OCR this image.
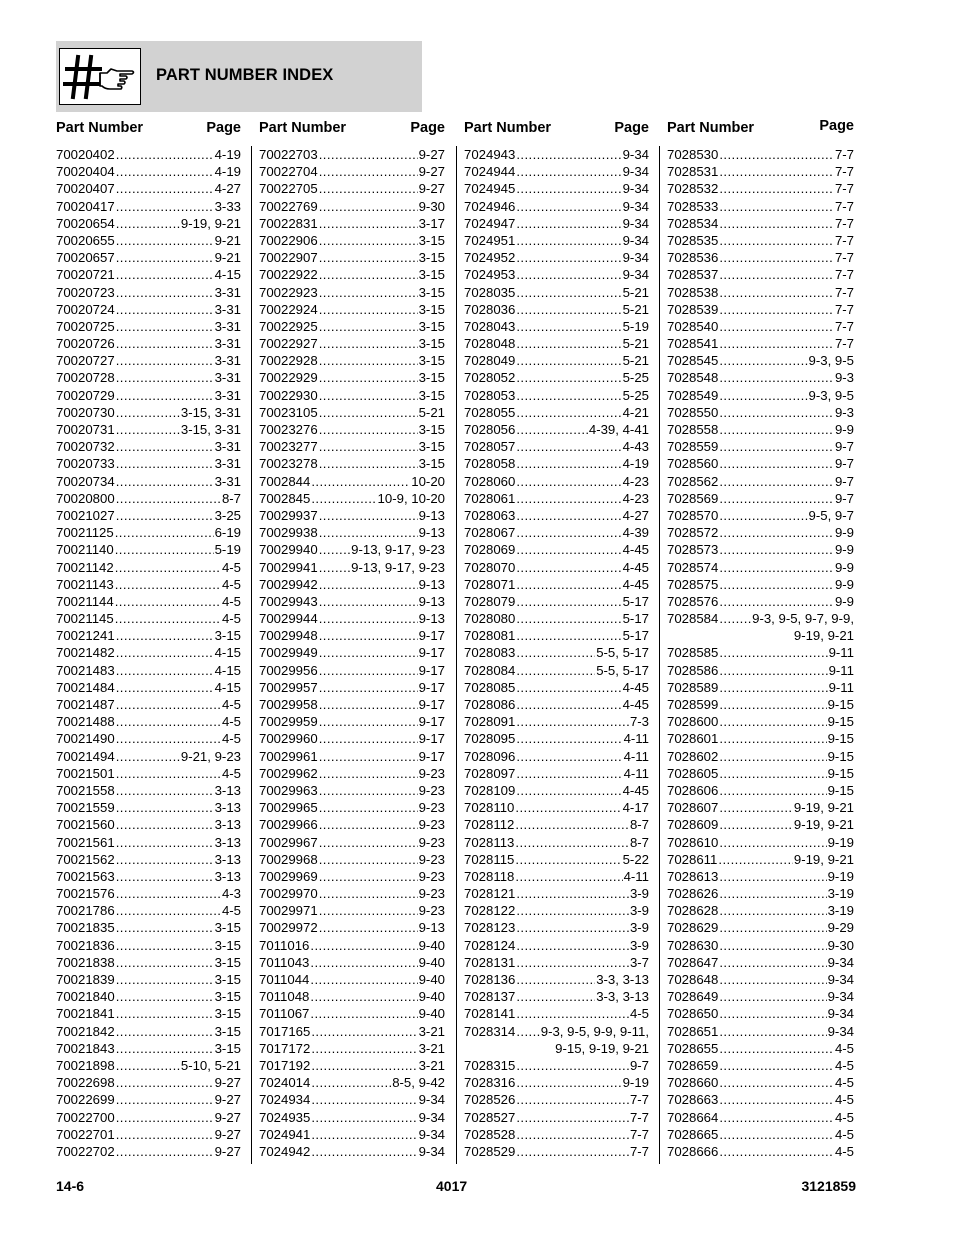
PART NUMBER INDEX
Part Number	Page
70020402 .....	4-19
70020404 .....	4-19
70020407 .....	4-27
70020417 .....	3-33
70020654 .....	9-19, 9-21
70020655 .....	9-21
70020657 .....	9-21
70020721 .....	4-15
70020723 .....	3-31
70020724 .....	3-31
70020725 .....	3-31
70020726 .....	3-31
70020727 .....	3-31
70020728 .....	3-31
70020729 .....	3-31
70020730 .....	3-15, 3-31
70020731 .....	3-15, 3-31
70020732 .....	3-31
70020733 .....	3-31
70020734 .....	3-31
70020800 .....	8-7
70021027 .....	3-25
70021125 .....	6-19
70021140 .....	5-19
70021142 .....	4-5
70021143 .....	4-5
70021144 .....	4-5
70021145 .....	4-5
70021241 .....	3-15
70021482 .....	4-15
70021483 .....	4-15
70021484 .....	4-15
70021487 .....	4-5
70021488 .....	4-5
70021490 .....	4-5
70021494 .....	9-21, 9-23
70021501 .....	4-5
70021558 .....	3-13
70021559 .....	3-13
70021560 .....	3-13
70021561 .....	3-13
70021562 .....	3-13
70021563 .....	3-13
70021576 .....	4-3
70021786 .....	4-5
70021835 .....	3-15
70021836 .....	3-15
70021838 .....	3-15
70021839 .....	3-15
70021840 .....	3-15
70021841 .....	3-15
70021842 .....	3-15
70021843 .....	3-15
70021898 .....	5-10, 5-21
70022698 .....	9-27
70022699 .....	9-27
70022700 .....	9-27
70022701 .....	9-27
70022702 .....	9-27
Part Number	Page
70022703 .....	9-27
70022704 .....	9-27
70022705 .....	9-27
70022769 .....	9-30
70022831 .....	3-17
70022906 .....	3-15
70022907 .....	3-15
70022922 .....	3-15
70022923 .....	3-15
70022924 .....	3-15
70022925 .....	3-15
70022927 .....	3-15
70022928 .....	3-15
70022929 .....	3-15
70022930 .....	3-15
70023105 .....	5-21
70023276 .....	3-15
70023277 .....	3-15
70023278 .....	3-15
7002844 .....	10-20
7002845 .....	10-9, 10-20
70029937 .....	9-13
70029938 .....	9-13
70029940 .....	9-13, 9-17, 9-23
70029941 .....	9-13, 9-17, 9-23
70029942 .....	9-13
70029943 .....	9-13
70029944 .....	9-13
70029948 .....	9-17
70029949 .....	9-17
70029956 .....	9-17
70029957 .....	9-17
70029958 .....	9-17
70029959 .....	9-17
70029960 .....	9-17
70029961 .....	9-17
70029962 .....	9-23
70029963 .....	9-23
70029965 .....	9-23
70029966 .....	9-23
70029967 .....	9-23
70029968 .....	9-23
70029969 .....	9-23
70029970 .....	9-23
70029971 .....	9-23
70029972 .....	9-13
7011016 .....	9-40
7011043 .....	9-40
7011044 .....	9-40
7011048 .....	9-40
7011067 .....	9-40
7017165 .....	3-21
7017172 .....	3-21
7017192 .....	3-21
7024014 .....	8-5, 9-42
7024934 .....	9-34
7024935 .....	9-34
7024941 .....	9-34
7024942 .....	9-34
Part Number	Page
7024943 .....	9-34
7024944 .....	9-34
7024945 .....	9-34
7024946 .....	9-34
7024947 .....	9-34
7024951 .....	9-34
7024952 .....	9-34
7024953 .....	9-34
7028035 .....	5-21
7028036 .....	5-21
7028043 .....	5-19
7028048 .....	5-21
7028049 .....	5-21
7028052 .....	5-25
7028053 .....	5-25
7028055 .....	4-21
7028056 .....	4-39, 4-41
7028057 .....	4-43
7028058 .....	4-19
7028060 .....	4-23
7028061 .....	4-23
7028063 .....	4-27
7028067 .....	4-39
7028069 .....	4-45
7028070 .....	4-45
7028071 .....	4-45
7028079 .....	5-17
7028080 .....	5-17
7028081 .....	5-17
7028083 .....	5-5, 5-17
7028084 .....	5-5, 5-17
7028085 .....	4-45
7028086 .....	4-45
7028091 .....	7-3
7028095 .....	4-11
7028096 .....	4-11
7028097 .....	4-11
7028109 .....	4-45
7028110 .....	4-17
7028112 .....	8-7
7028113 .....	8-7
7028115 .....	5-22
7028118 .....	4-11
7028121 .....	3-9
7028122 .....	3-9
7028123 .....	3-9
7028124 .....	3-9
7028131 .....	3-7
7028136 .....	3-3, 3-13
7028137 .....	3-3, 3-13
7028141 .....	4-5
7028314 ..... 9-3, 9-5, 9-9, 9-11,
9-15, 9-19, 9-21
7028315 .....	9-7
7028316 .....	9-19
7028526 .....	7-7
7028527 .....	7-7
7028528 .....	7-7
7028529 .....	7-7
Part Number	Page
7028530 .....	7-7
7028531 .....	7-7
7028532 .....	7-7
7028533 .....	7-7
7028534 .....	7-7
7028535 .....	7-7
7028536 .....	7-7
7028537 .....	7-7
7028538 .....	7-7
7028539 .....	7-7
7028540 .....	7-7
7028541 .....	7-7
7028545 .....	9-3, 9-5
7028548 .....	9-3
7028549 .....	9-3, 9-5
7028550 .....	9-3
7028558 .....	9-9
7028559 .....	9-7
7028560 .....	9-7
7028562 .....	9-7
7028569 .....	9-7
7028570 .....	9-5, 9-7
7028572 .....	9-9
7028573 .....	9-9
7028574 .....	9-9
7028575 .....	9-9
7028576 .....	9-9
7028584 .....	9-3, 9-5, 9-7, 9-9,
9-19, 9-21
7028585 .....	9-11
7028586 .....	9-11
7028589 .....	9-11
7028599 .....	9-15
7028600 .....	9-15
7028601 .....	9-15
7028602 .....	9-15
7028605 .....	9-15
7028606 .....	9-15
7028607 .....	9-19, 9-21
7028609 .....	9-19, 9-21
7028610 .....	9-19
7028611 .....	9-19, 9-21
7028613 .....	9-19
7028626 .....	3-19
7028628 .....	3-19
7028629 .....	9-29
7028630 .....	9-30
7028647 .....	9-34
7028648 .....	9-34
7028649 .....	9-34
7028650 .....	9-34
7028651 .....	9-34
7028655 .....	4-5
7028659 .....	4-5
7028660 .....	4-5
7028663 .....	4-5
7028664 .....	4-5
7028665 .....	4-5
7028666 .....	4-5
14-6	4017	3121859
